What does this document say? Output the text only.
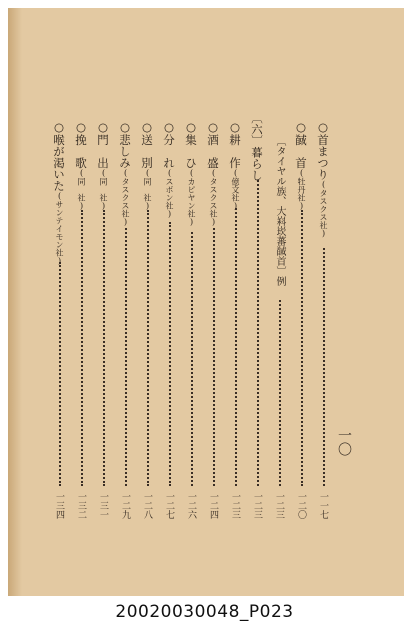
一〇
○首まつり(タスクス社)
一一七
○馘　首(牡丹社)
一二〇
〔タイヤル族、大嵙崁蕃馘首〕例
一二三
〔六〕暮らし
一二三
○耕　作(億文社)
一二三
○酒　盛(タスクス社)
一二四
○集　ひ(カピヤン社)
一二六
○分　れ(スボン社)
一二七
○送　別(同　社)
一二八
○悲しみ(タスクス社)
一二九
○門　出(同　社)
一三一
○挽　歌(同　社)
一三二
○喉が渇いた(サンテイモン社)
一三四
20020030048_P023
